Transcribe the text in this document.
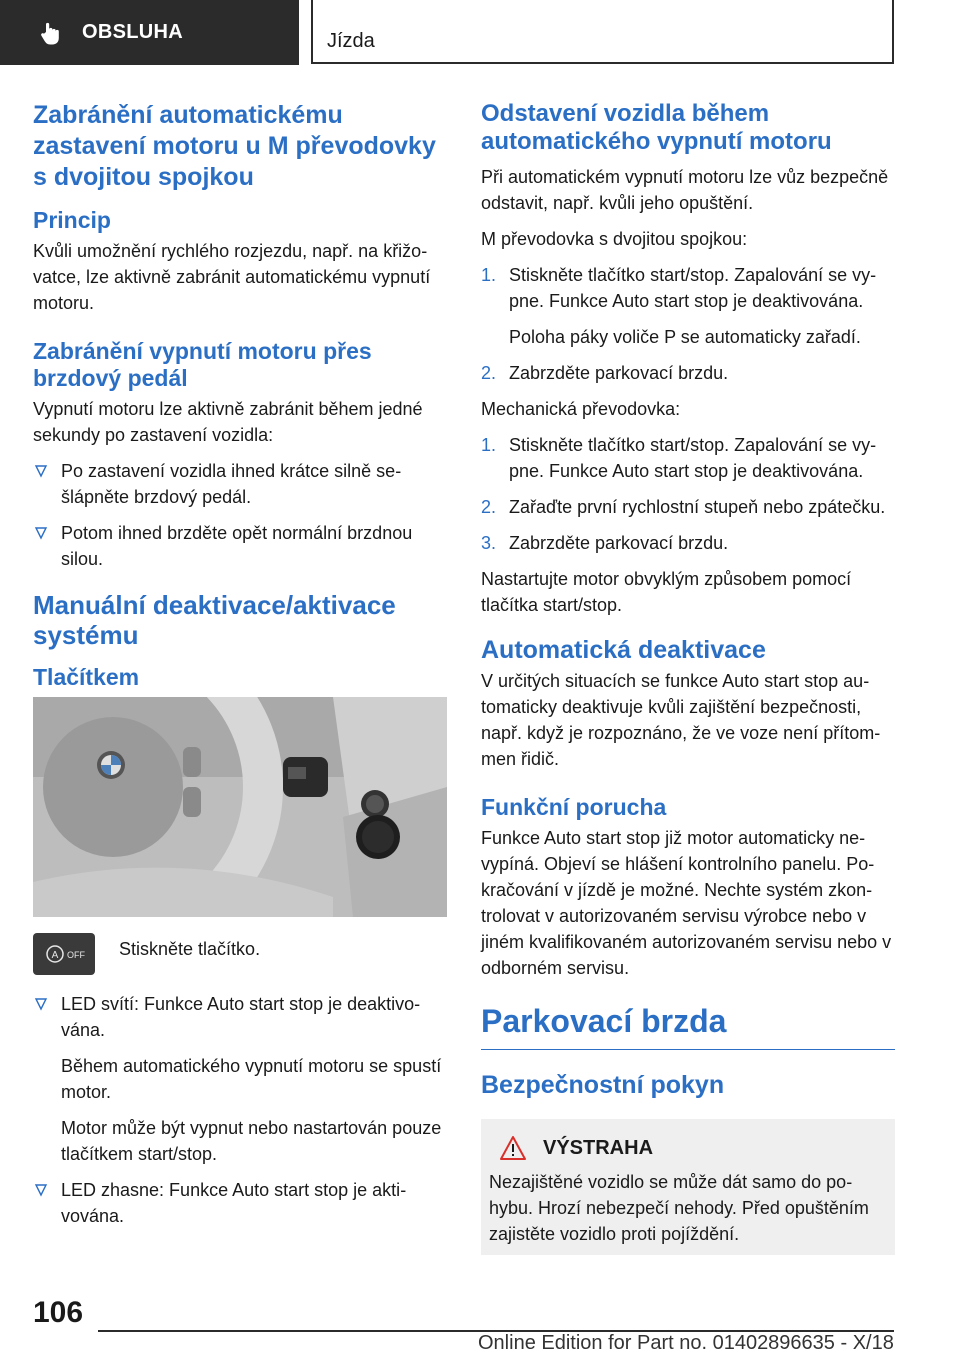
OBSLUHA	Jízda
Zabránění automatickému zastavení motoru u M převodovky s dvojitou spojkou
Princip

Kvůli umožnění rychlého rozjezdu, např. na křižovatce, lze aktivně zabránit automatickému vypnutí motoru.

Zabránění vypnutí motoru přes brzdový pedál

Vypnutí motoru lze aktivně zabránit během jedné sekundy po zastavení vozidla:

Po zastavení vozidla ihned krátce silně sešlápněte brzdový pedál.
Potom ihned brzděte opět normální brzdnou silou.
Manuální deaktivace/aktivace systému
Tlačítkem
A OFF Stiskněte tlačítko.
LED svítí: Funkce Auto start stop je deaktivována.
Během automatického vypnutí motoru se spustí motor.
Motor může být vypnut nebo nastartován pouze tlačítkem start/stop.
LED zhasne: Funkce Auto start stop je aktivována.
Odstavení vozidla během automatického vypnutí motoru

Při automatickém vypnutí motoru lze vůz bezpečně odstavit, např. kvůli jeho opuštění.

M převodovka s dvojitou spojkou:

1. Stiskněte tlačítko start/stop. Zapalování se vypne. Funkce Auto start stop je deaktivována.
Poloha páky voliče P se automaticky zařadí.
2. Zabrzděte parkovací brzdu.

Mechanická převodovka:

1. Stiskněte tlačítko start/stop. Zapalování se vypne. Funkce Auto start stop je deaktivována.
2. Zařaďte první rychlostní stupeň nebo zpátečku.
3. Zabrzděte parkovací brzdu.

Nastartujte motor obvyklým způsobem pomocí tlačítka start/stop.

Automatická deaktivace

V určitých situacích se funkce Auto start stop automaticky deaktivuje kvůli zajištění bezpečnosti, např. když je rozpoznáno, že ve voze není přítommen řidič.

Funkční porucha

Funkce Auto start stop již motor automaticky nevypíná. Objeví se hlášení kontrolního panelu. Pokračování v jízdě je možné. Nechte systém zkontrolovat v autorizovaném servisu výrobce nebo v jiném kvalifikovaném autorizovaném servisu nebo v odborném servisu.

Parkovací brzda
Bezpečnostní pokyn
VÝSTRAHA

Nezajištěné vozidlo se může dát samo do pohybu. Hrozí nebezpečí nehody. Před opuštěním zajistěte vozidlo proti pojíždění.

106
Online Edition for Part no. 01402896635 - X/18
